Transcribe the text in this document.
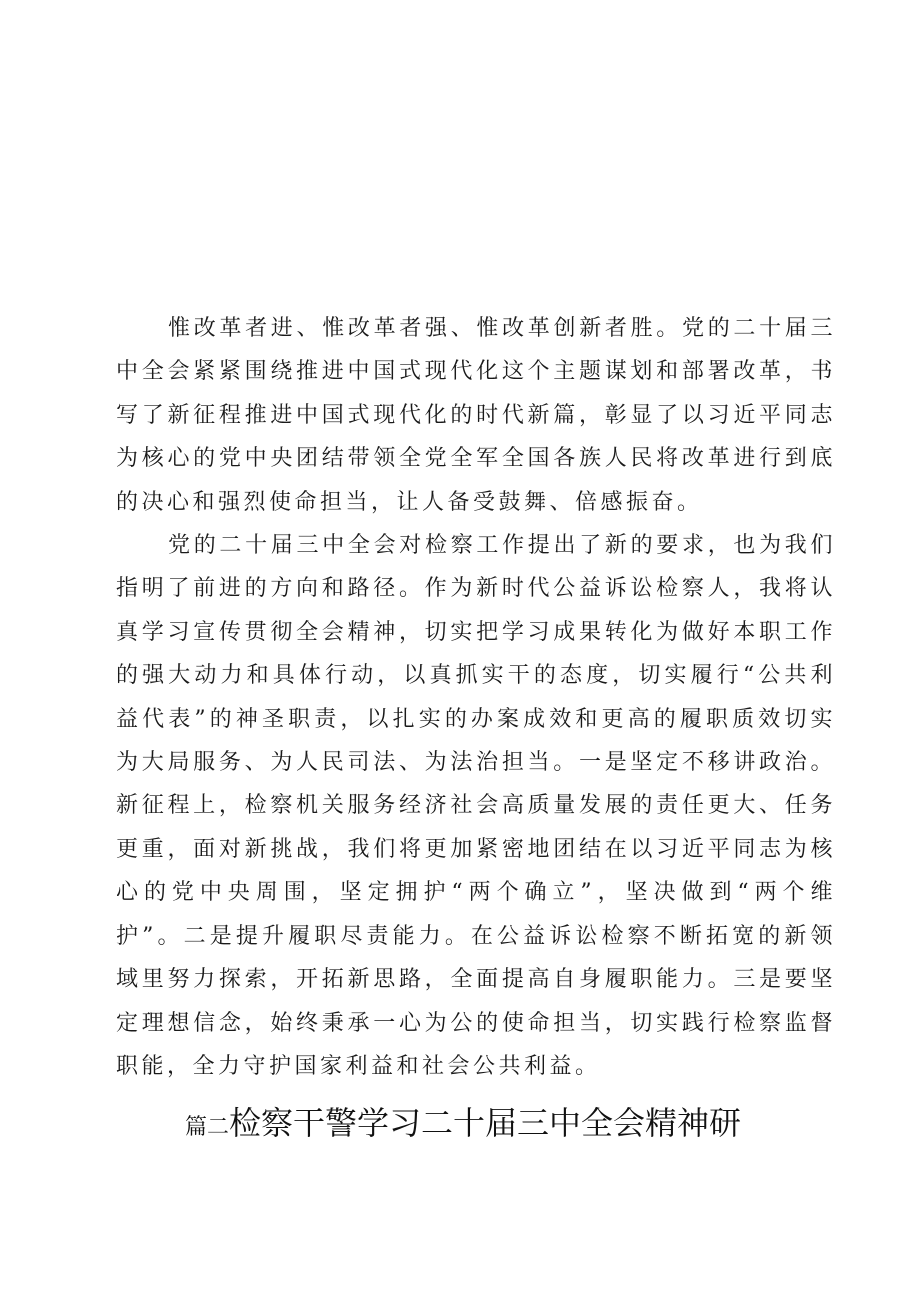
惟改革者进、惟改革者强、惟改革创新者胜。党的二十届三中全会紧紧围绕推进中国式现代化这个主题谋划和部署改革，书写了新征程推进中国式现代化的时代新篇，彰显了以习近平同志为核心的党中央团结带领全党全军全国各族人民将改革进行到底的决心和强烈使命担当，让人备受鼓舞、倍感振奋。

党的二十届三中全会对检察工作提出了新的要求，也为我们指明了前进的方向和路径。作为新时代公益诉讼检察人，我将认真学习宣传贯彻全会精神，切实把学习成果转化为做好本职工作的强大动力和具体行动，以真抓实干的态度，切实履行“公共利益代表”的神圣职责，以扎实的办案成效和更高的履职质效切实为大局服务、为人民司法、为法治担当。一是坚定不移讲政治。新征程上，检察机关服务经济社会高质量发展的责任更大、任务更重，面对新挑战，我们将更加紧密地团结在以习近平同志为核心的党中央周围，坚定拥护“两个确立”，坚决做到“两个维护”。二是提升履职尽责能力。在公益诉讼检察不断拓宽的新领域里努力探索，开拓新思路，全面提高自身履职能力。三是要坚定理想信念，始终秉承一心为公的使命担当，切实践行检察监督职能，全力守护国家利益和社会公共利益。

篇二检察干警学习二十届三中全会精神研
